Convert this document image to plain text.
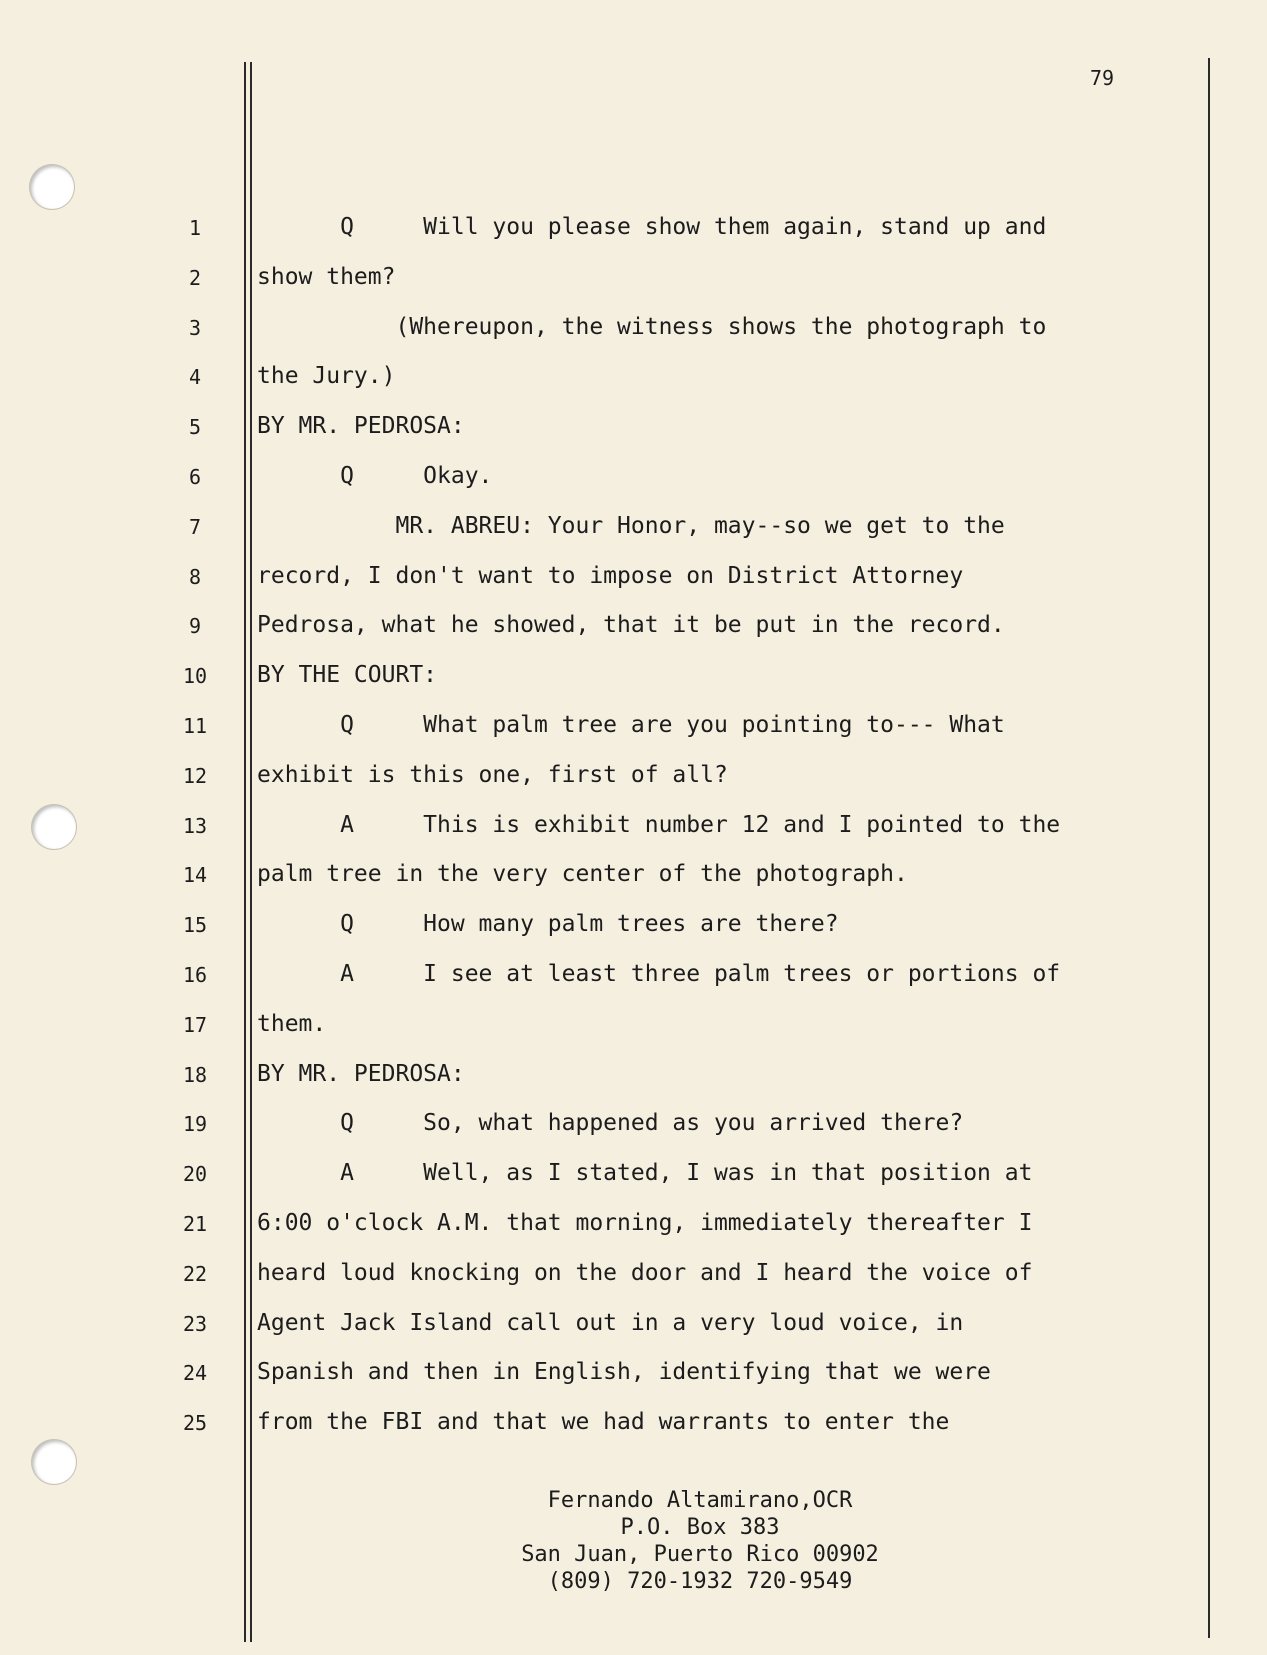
79
1
2
3
4
5
6
7
8
9
10
11
12
13
14
15
16
17
18
19
20
21
22
23
24
25
Q     Will you please show them again, stand up and
show them?
(Whereupon, the witness shows the photograph to
the Jury.)
BY MR. PEDROSA:
Q     Okay.
MR. ABREU: Your Honor, may--so we get to the
record, I don't want to impose on District Attorney
Pedrosa, what he showed, that it be put in the record.
BY THE COURT:
Q     What palm tree are you pointing to--- What
exhibit is this one, first of all?
A     This is exhibit number 12 and I pointed to the
palm tree in the very center of the photograph.
Q     How many palm trees are there?
A     I see at least three palm trees or portions of
them.
BY MR. PEDROSA:
Q     So, what happened as you arrived there?
A     Well, as I stated, I was in that position at
6:00 o'clock A.M. that morning, immediately thereafter I
heard loud knocking on the door and I heard the voice of
Agent Jack Island call out in a very loud voice, in
Spanish and then in English, identifying that we were
from the FBI and that we had warrants to enter the
Fernando Altamirano,OCR
P.O. Box 383
San Juan, Puerto Rico 00902
(809) 720-1932 720-9549
